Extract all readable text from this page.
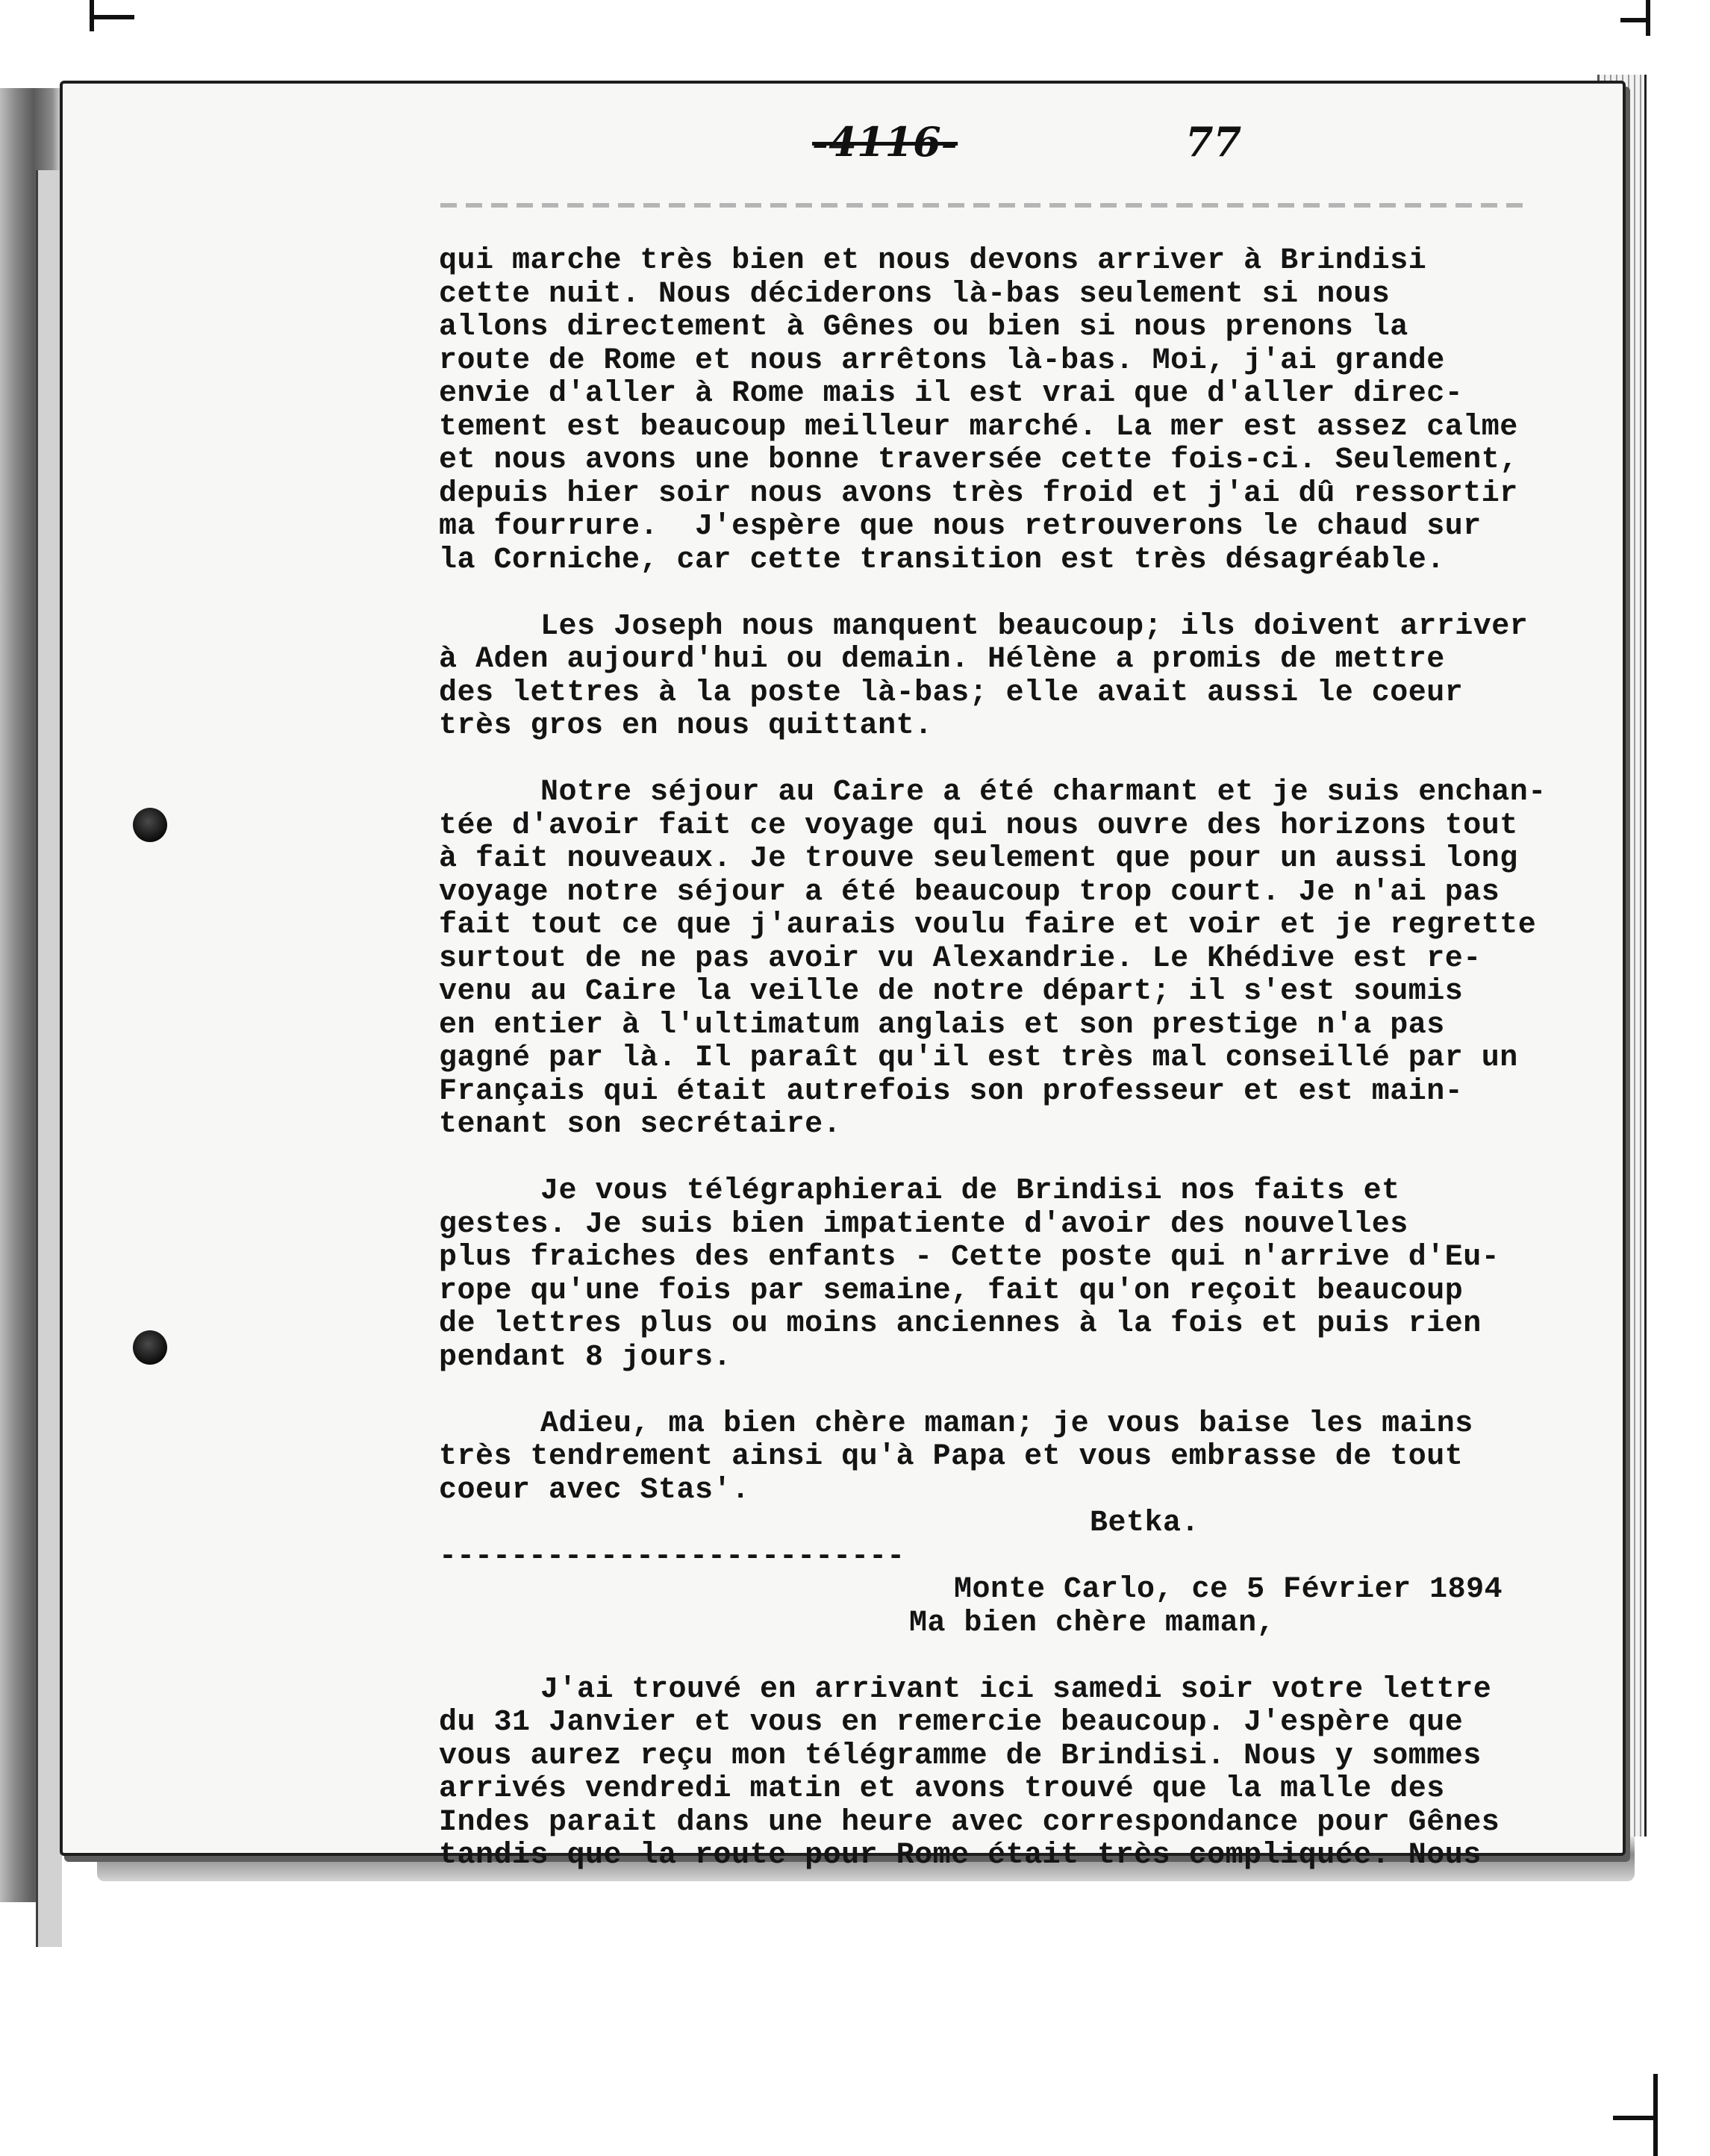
-4116-	77
qui marche très bien et nous devons arriver à Brindisi
cette nuit. Nous déciderons là-bas seulement si nous
allons directement à Gênes ou bien si nous prenons la
route de Rome et nous arrêtons là-bas. Moi, j'ai grande
envie d'aller à Rome mais il est vrai que d'aller direc-
tement est beaucoup meilleur marché. La mer est assez calme
et nous avons une bonne traversée cette fois-ci. Seulement,
depuis hier soir nous avons très froid et j'ai dû ressortir
ma fourrure.  J'espère que nous retrouverons le chaud sur
la Corniche, car cette transition est très désagréable.
Les Joseph nous manquent beaucoup; ils doivent arriver
à Aden aujourd'hui ou demain. Hélène a promis de mettre
des lettres à la poste là-bas; elle avait aussi le coeur
très gros en nous quittant.
Notre séjour au Caire a été charmant et je suis enchan-
tée d'avoir fait ce voyage qui nous ouvre des horizons tout
à fait nouveaux. Je trouve seulement que pour un aussi long
voyage notre séjour a été beaucoup trop court. Je n'ai pas
fait tout ce que j'aurais voulu faire et voir et je regrette
surtout de ne pas avoir vu Alexandrie. Le Khédive est re-
venu au Caire la veille de notre départ; il s'est soumis
en entier à l'ultimatum anglais et son prestige n'a pas
gagné par là. Il paraît qu'il est très mal conseillé par un
Français qui était autrefois son professeur et est main-
tenant son secrétaire.
Je vous télégraphierai de Brindisi nos faits et
gestes. Je suis bien impatiente d'avoir des nouvelles
plus fraiches des enfants - Cette poste qui n'arrive d'Eu-
rope qu'une fois par semaine, fait qu'on reçoit beaucoup
de lettres plus ou moins anciennes à la fois et puis rien
pendant 8 jours.
Adieu, ma bien chère maman; je vous baise les mains
très tendrement ainsi qu'à Papa et vous embrasse de tout
coeur avec Stas'.
Betka.
--------------------------
Monte Carlo, ce 5 Février 1894
Ma bien chère maman,
J'ai trouvé en arrivant ici samedi soir votre lettre
du 31 Janvier et vous en remercie beaucoup. J'espère que
vous aurez reçu mon télégramme de Brindisi. Nous y sommes
arrivés vendredi matin et avons trouvé que la malle des
Indes parait dans une heure avec correspondance pour Gênes
tandis que la route pour Rome était très compliquée. Nous
